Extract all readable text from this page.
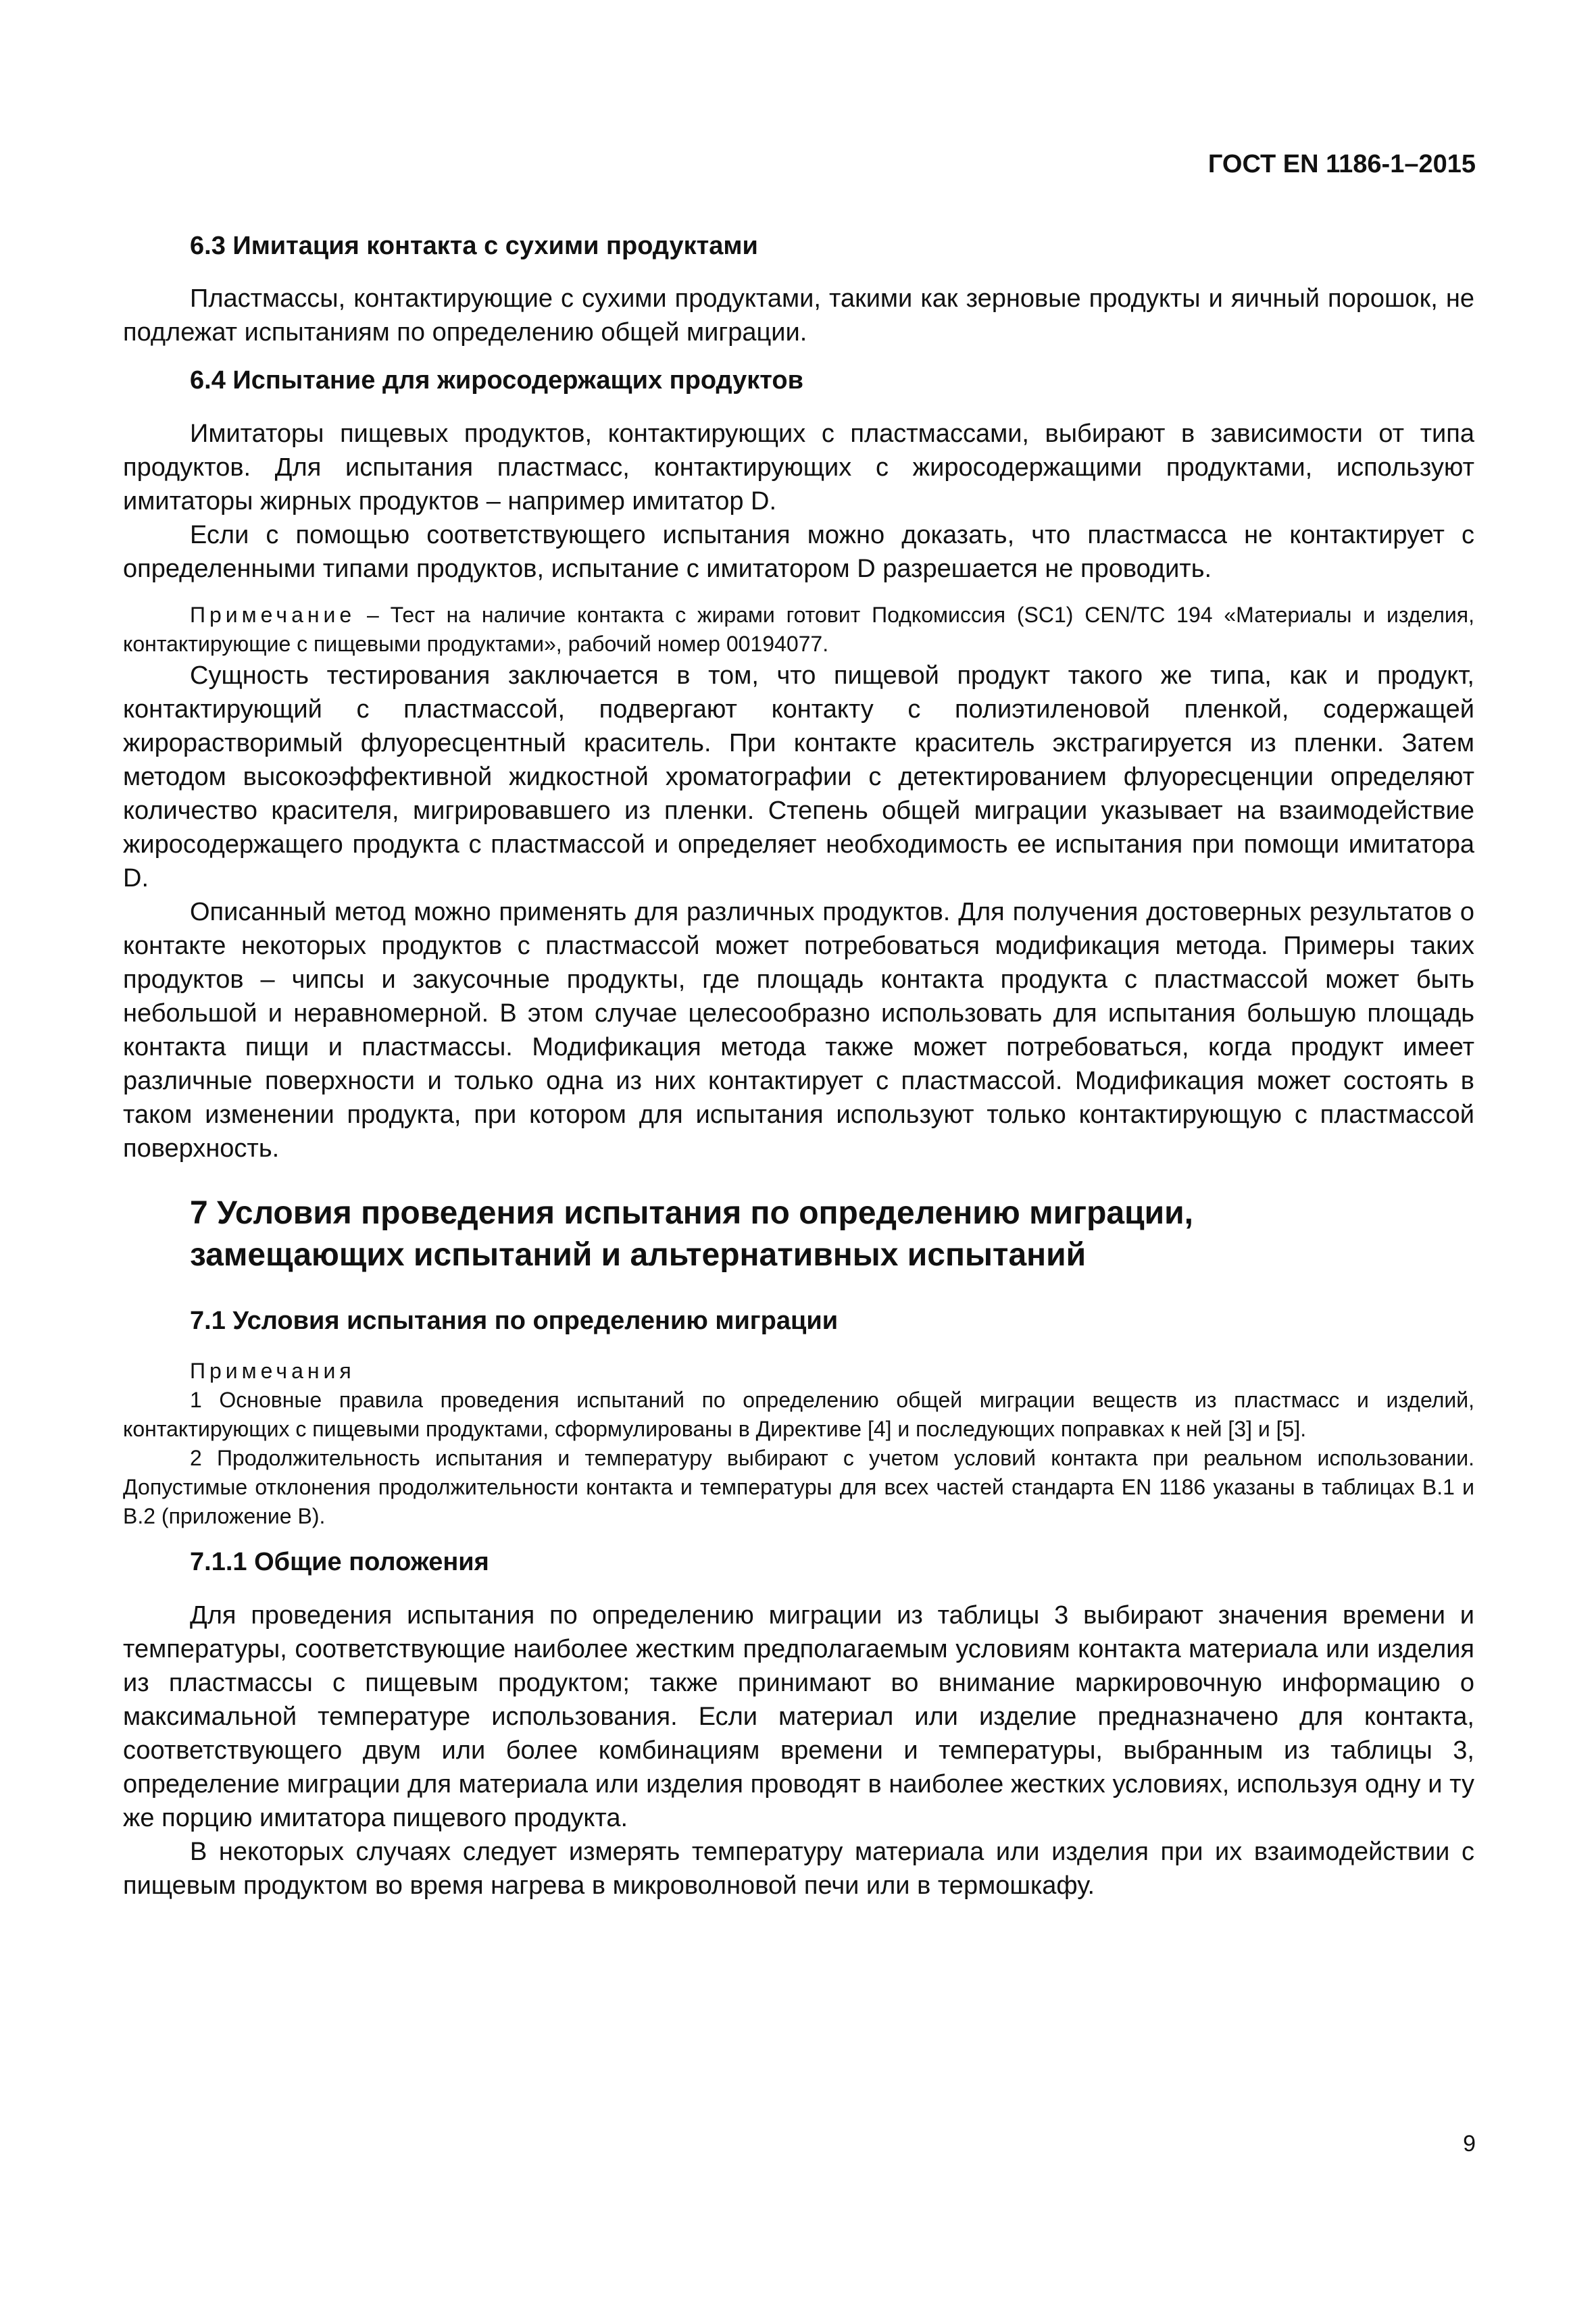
ГОСТ EN 1186-1–2015
6.3 Имитация контакта с сухими продуктами

Пластмассы, контактирующие с сухими продуктами, такими как зерновые продукты и яичный порошок, не подлежат испытаниям по определению общей миграции.

6.4 Испытание для жиросодержащих продуктов

Имитаторы пищевых продуктов, контактирующих с пластмассами, выбирают в зависимости от типа продуктов. Для испытания пластмасс, контактирующих с жиросодержащими продуктами, используют имитаторы жирных продуктов – например имитатор D.

Если с помощью соответствующего испытания можно доказать, что пластмасса не контактирует с определенными типами продуктов, испытание с имитатором D разрешается не проводить.

Примечание – Тест на наличие контакта с жирами готовит Подкомиссия (SC1) CEN/TC 194 «Материалы и изделия, контактирующие с пищевыми продуктами», рабочий номер 00194077.

Сущность тестирования заключается в том, что пищевой продукт такого же типа, как и продукт, контактирующий с пластмассой, подвергают контакту с полиэтиленовой пленкой, содержащей жирорастворимый флуоресцентный краситель. При контакте краситель экстрагируется из пленки. Затем методом высокоэффективной жидкостной хроматографии с детектированием флуоресценции определяют количество красителя, мигрировавшего из пленки. Степень общей миграции указывает на взаимодействие жиросодержащего продукта с пластмассой и определяет необходимость ее испытания при помощи имитатора D.

Описанный метод можно применять для различных продуктов. Для получения достоверных результатов о контакте некоторых продуктов с пластмассой может потребоваться модификация метода. Примеры таких продуктов – чипсы и закусочные продукты, где площадь контакта продукта с пластмассой может быть небольшой и неравномерной. В этом случае целесообразно использовать для испытания большую площадь контакта пищи и пластмассы. Модификация метода также может потребоваться, когда продукт имеет различные поверхности и только одна из них контактирует с пластмассой. Модификация может состоять в таком изменении продукта, при котором для испытания используют только контактирующую с пластмассой поверхность.

7 Условия проведения испытания по определению миграции,
замещающих испытаний и альтернативных испытаний
7.1 Условия испытания по определению миграции
Примечания

1 Основные правила проведения испытаний по определению общей миграции веществ из пластмасс и изделий, контактирующих с пищевыми продуктами, сформулированы в Директиве [4] и последующих поправках к ней [3] и [5].

2 Продолжительность испытания и температуру выбирают с учетом условий контакта при реальном использовании. Допустимые отклонения продолжительности контакта и температуры для всех частей стандарта EN 1186 указаны в таблицах В.1 и В.2 (приложение В).

7.1.1 Общие положения

Для проведения испытания по определению миграции из таблицы 3 выбирают значения времени и температуры, соответствующие наиболее жестким предполагаемым условиям контакта материала или изделия из пластмассы с пищевым продуктом; также принимают во внимание маркировочную информацию о максимальной температуре использования. Если материал или изделие предназначено для контакта, соответствующего двум или более комбинациям времени и температуры, выбранным из таблицы 3, определение миграции для материала или изделия проводят в наиболее жестких условиях, используя одну и ту же порцию имитатора пищевого продукта.

В некоторых случаях следует измерять температуру материала или изделия при их взаимодействии с пищевым продуктом во время нагрева в микроволновой печи или в термошкафу.

9
